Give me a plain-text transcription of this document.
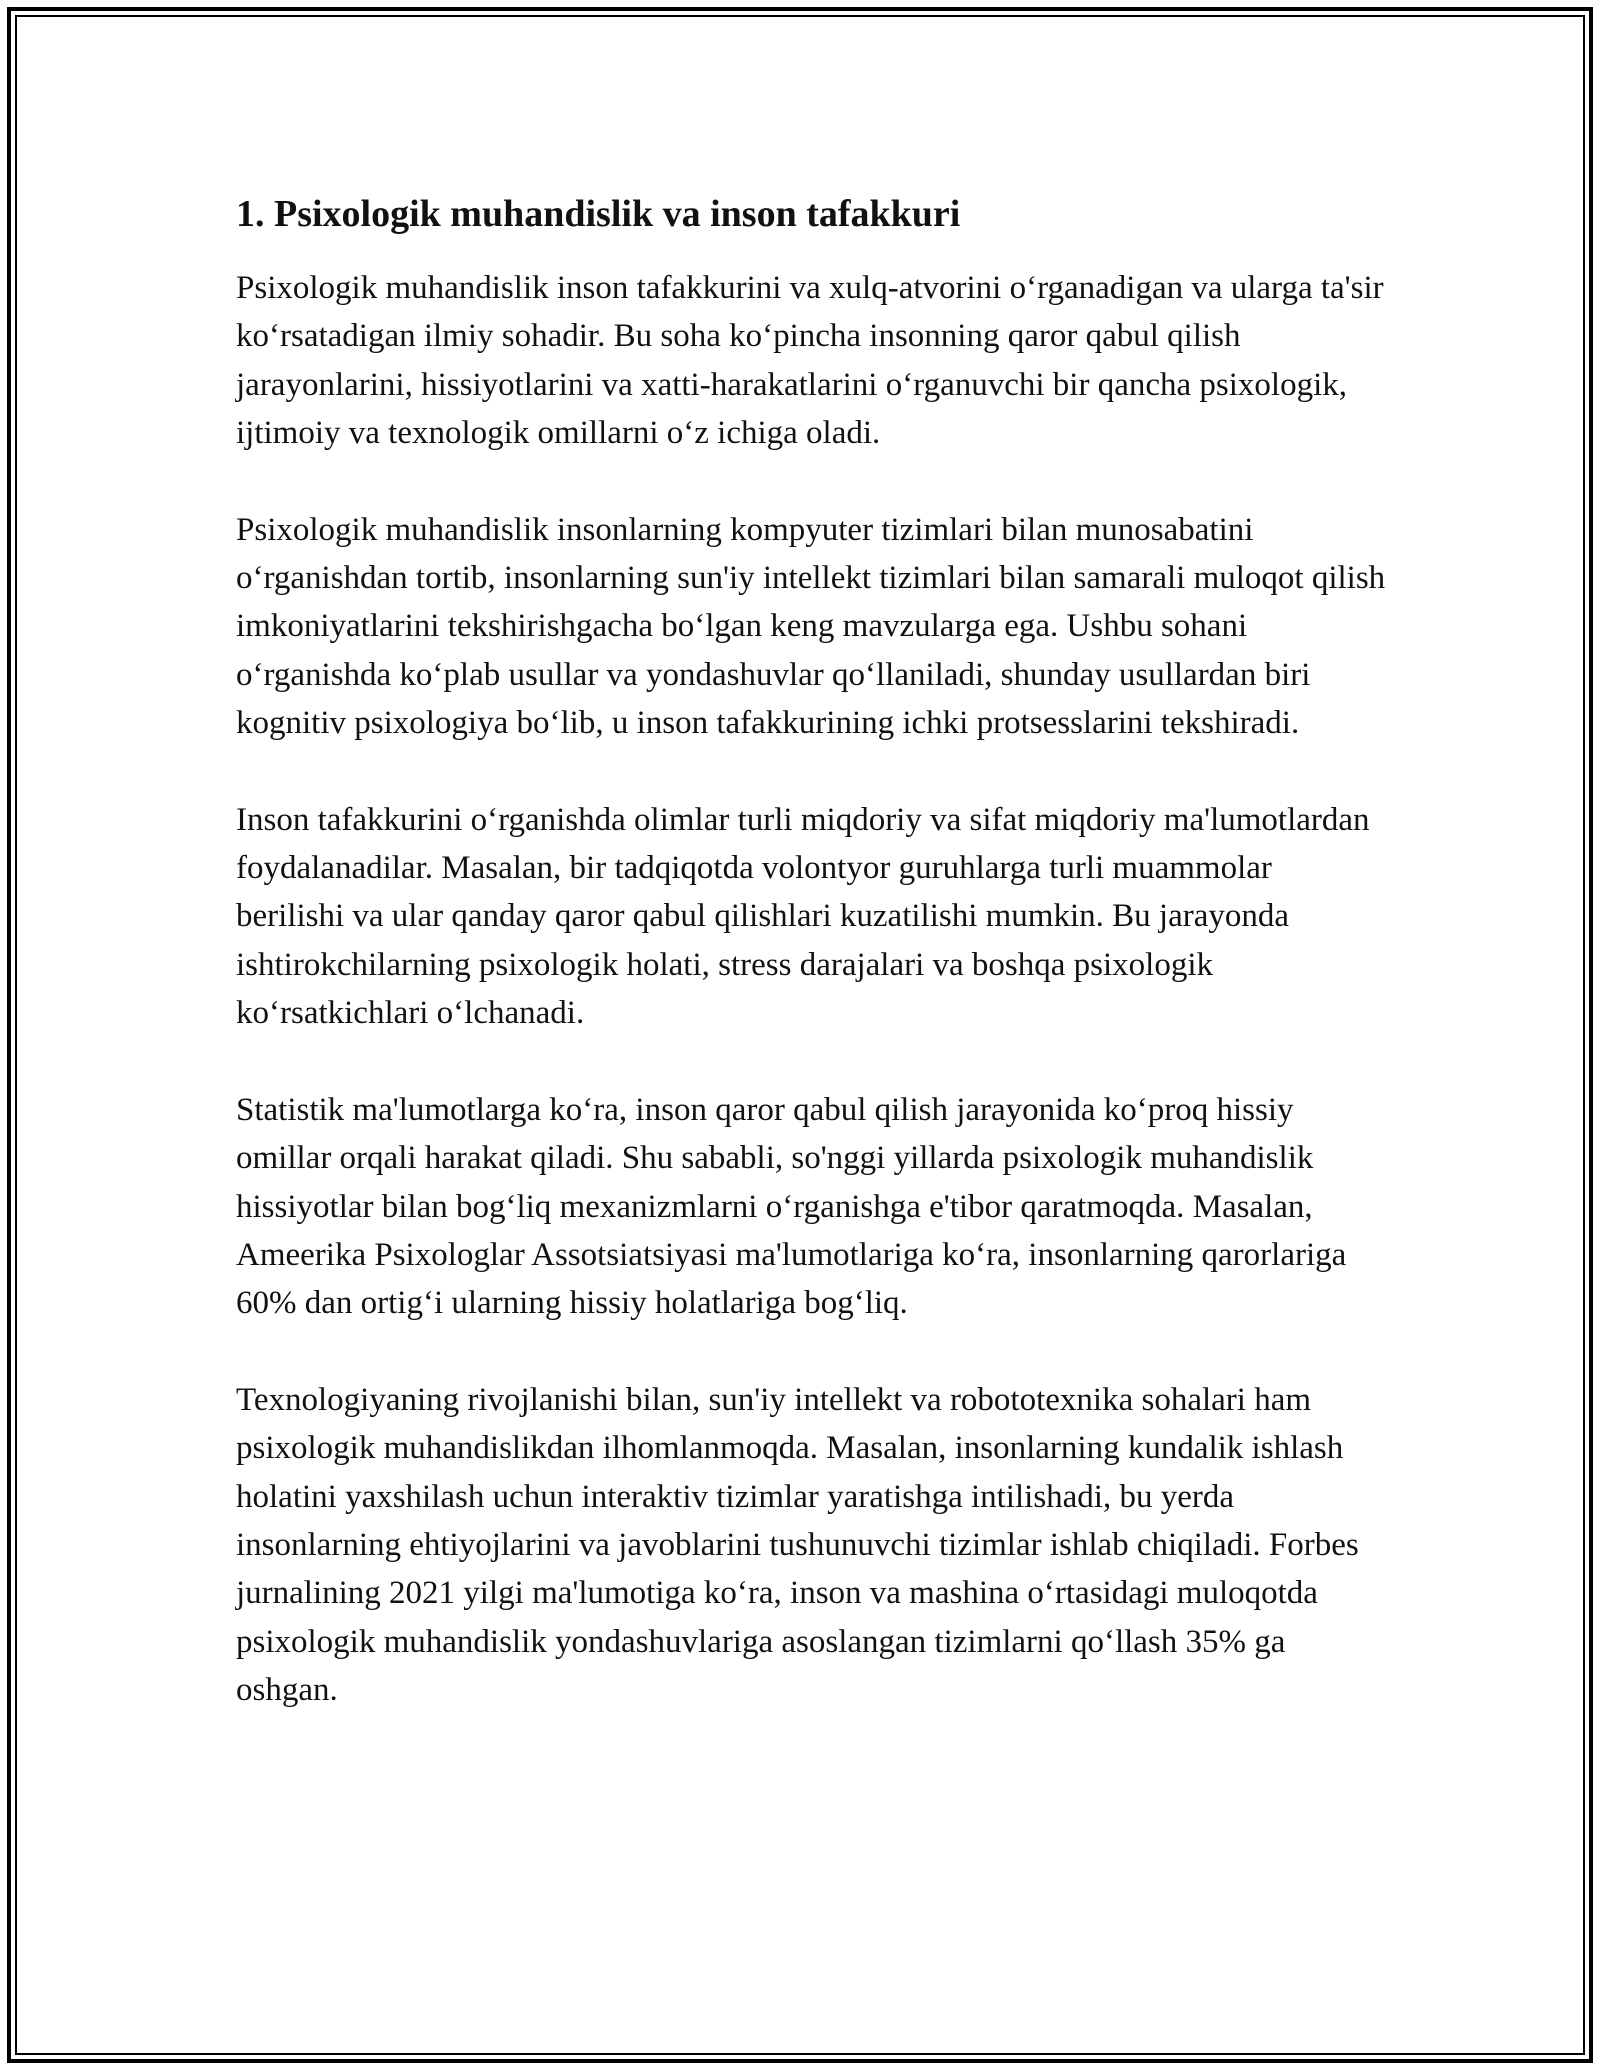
1. Psixologik muhandislik va inson tafakkuri

Psixologik muhandislik inson tafakkurini va xulq-atvorini o‘rganadigan va ularga ta'sir ko‘rsatadigan ilmiy sohadir. Bu soha ko‘pincha insonning qaror qabul qilish jarayonlarini, hissiyotlarini va xatti-harakatlarini o‘rganuvchi bir qancha psixologik, ijtimoiy va texnologik omillarni o‘z ichiga oladi.

Psixologik muhandislik insonlarning kompyuter tizimlari bilan munosabatini o‘rganishdan tortib, insonlarning sun'iy intellekt tizimlari bilan samarali muloqot qilish imkoniyatlarini tekshirishgacha bo‘lgan keng mavzularga ega. Ushbu sohani o‘rganishda ko‘plab usullar va yondashuvlar qo‘llaniladi, shunday usullardan biri kognitiv psixologiya bo‘lib, u inson tafakkurining ichki protsesslarini tekshiradi.

Inson tafakkurini o‘rganishda olimlar turli miqdoriy va sifat miqdoriy ma'lumotlardan foydalanadilar. Masalan, bir tadqiqotda volontyor guruhlarga turli muammolar berilishi va ular qanday qaror qabul qilishlari kuzatilishi mumkin. Bu jarayonda ishtirokchilarning psixologik holati, stress darajalari va boshqa psixologik ko‘rsatkichlari o‘lchanadi.

Statistik ma'lumotlarga ko‘ra, inson qaror qabul qilish jarayonida ko‘proq hissiy omillar orqali harakat qiladi. Shu sababli, so'nggi yillarda psixologik muhandislik hissiyotlar bilan bog‘liq mexanizmlarni o‘rganishga e'tibor qaratmoqda. Masalan, Ameerika Psixologlar Assotsiatsiyasi ma'lumotlariga ko‘ra, insonlarning qarorlariga 60% dan ortig‘i ularning hissiy holatlariga bog‘liq.

Texnologiyaning rivojlanishi bilan, sun'iy intellekt va robototexnika sohalari ham psixologik muhandislikdan ilhomlanmoqda. Masalan, insonlarning kundalik ishlash holatini yaxshilash uchun interaktiv tizimlar yaratishga intilishadi, bu yerda insonlarning ehtiyojlarini va javoblarini tushunuvchi tizimlar ishlab chiqiladi. Forbes jurnalining 2021 yilgi ma'lumotiga ko‘ra, inson va mashina o‘rtasidagi muloqotda psixologik muhandislik yondashuvlariga asoslangan tizimlarni qo‘llash 35% ga oshgan.
